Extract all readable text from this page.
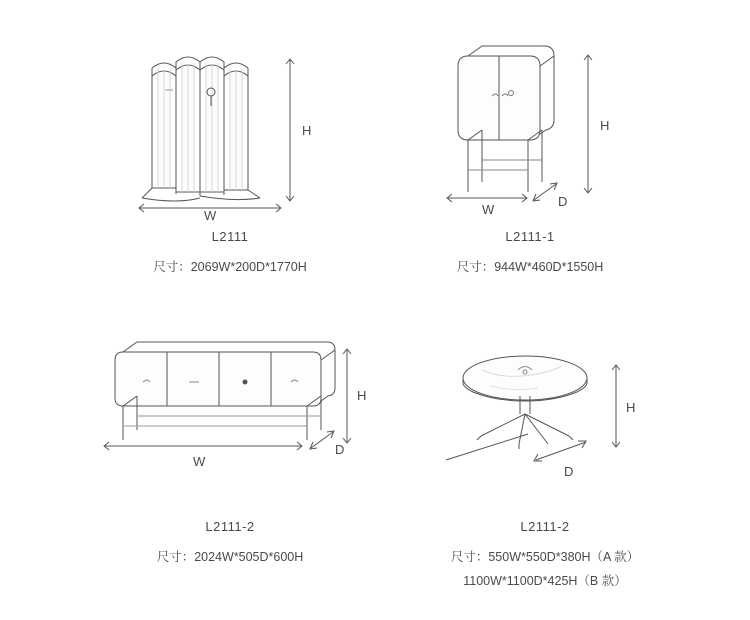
H
W
L2111
尺寸：2069W*200D*1770H
H
W
D
L2111-1
尺寸：944W*460D*1550H
H
W
D
L2111-2
尺寸：2024W*505D*600H
H
D
L2111-2
尺寸：550W*550D*380H（A 款）
1100W*1100D*425H（B 款）
